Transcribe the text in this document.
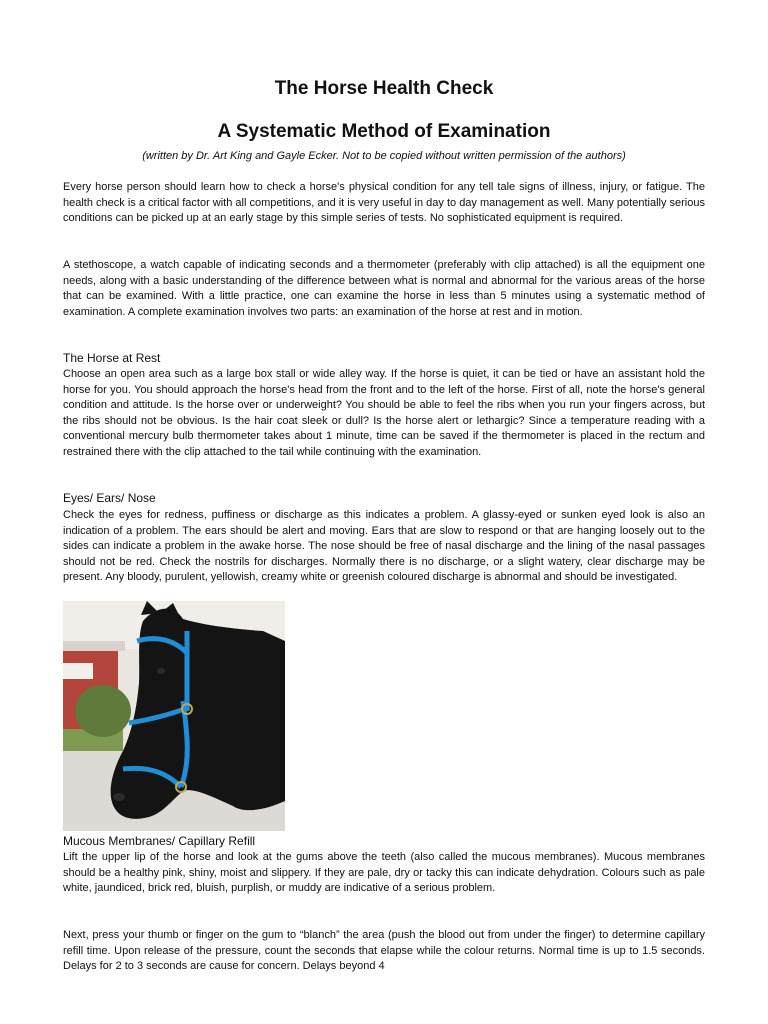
The Horse Health Check
A Systematic Method of Examination
(written by Dr. Art King and Gayle Ecker. Not to be copied without written permission of the authors)

Every horse person should learn how to check a horse's physical condition for any tell tale signs of illness, injury, or fatigue. The health check is a critical factor with all competitions, and it is very useful in day to day management as well. Many potentially serious conditions can be picked up at an early stage by this simple series of tests. No sophisticated equipment is required.

A stethoscope, a watch capable of indicating seconds and a thermometer (preferably with clip attached) is all the equipment one needs, along with a basic understanding of the difference between what is normal and abnormal for the various areas of the horse that can be examined. With a little practice, one can examine the horse in less than 5 minutes using a systematic method of examination. A complete examination involves two parts: an examination of the horse at rest and in motion.

The Horse at Rest

Choose an open area such as a large box stall or wide alley way. If the horse is quiet, it can be tied or have an assistant hold the horse for you. You should approach the horse's head from the front and to the left of the horse. First of all, note the horse's general condition and attitude. Is the horse over or underweight? You should be able to feel the ribs when you run your fingers across, but the ribs should not be obvious. Is the hair coat sleek or dull? Is the horse alert or lethargic? Since a temperature reading with a conventional mercury bulb thermometer takes about 1 minute, time can be saved if the thermometer is placed in the rectum and restrained there with the clip attached to the tail while continuing with the examination.

Eyes/ Ears/ Nose

Check the eyes for redness, puffiness or discharge as this indicates a problem. A glassy-eyed or sunken eyed look is also an indication of a problem. The ears should be alert and moving. Ears that are slow to respond or that are hanging loosely out to the sides can indicate a problem in the awake horse. The nose should be free of nasal discharge and the lining of the nasal passages should not be red. Check the nostrils for discharges. Normally there is no discharge, or a slight watery, clear discharge may be present. Any bloody, purulent, yellowish, creamy white or greenish coloured discharge is abnormal and should be investigated.

Mucous Membranes/ Capillary Refill

Lift the upper lip of the horse and look at the gums above the teeth (also called the mucous membranes). Mucous membranes should be a healthy pink, shiny, moist and slippery. If they are pale, dry or tacky this can indicate dehydration. Colours such as pale white, jaundiced, brick red, bluish, purplish, or muddy are indicative of a serious problem.

Next, press your thumb or finger on the gum to “blanch” the area (push the blood out from under the finger) to determine capillary refill time. Upon release of the pressure, count the seconds that elapse while the colour returns. Normal time is up to 1.5 seconds. Delays for 2 to 3 seconds are cause for concern. Delays beyond 4
